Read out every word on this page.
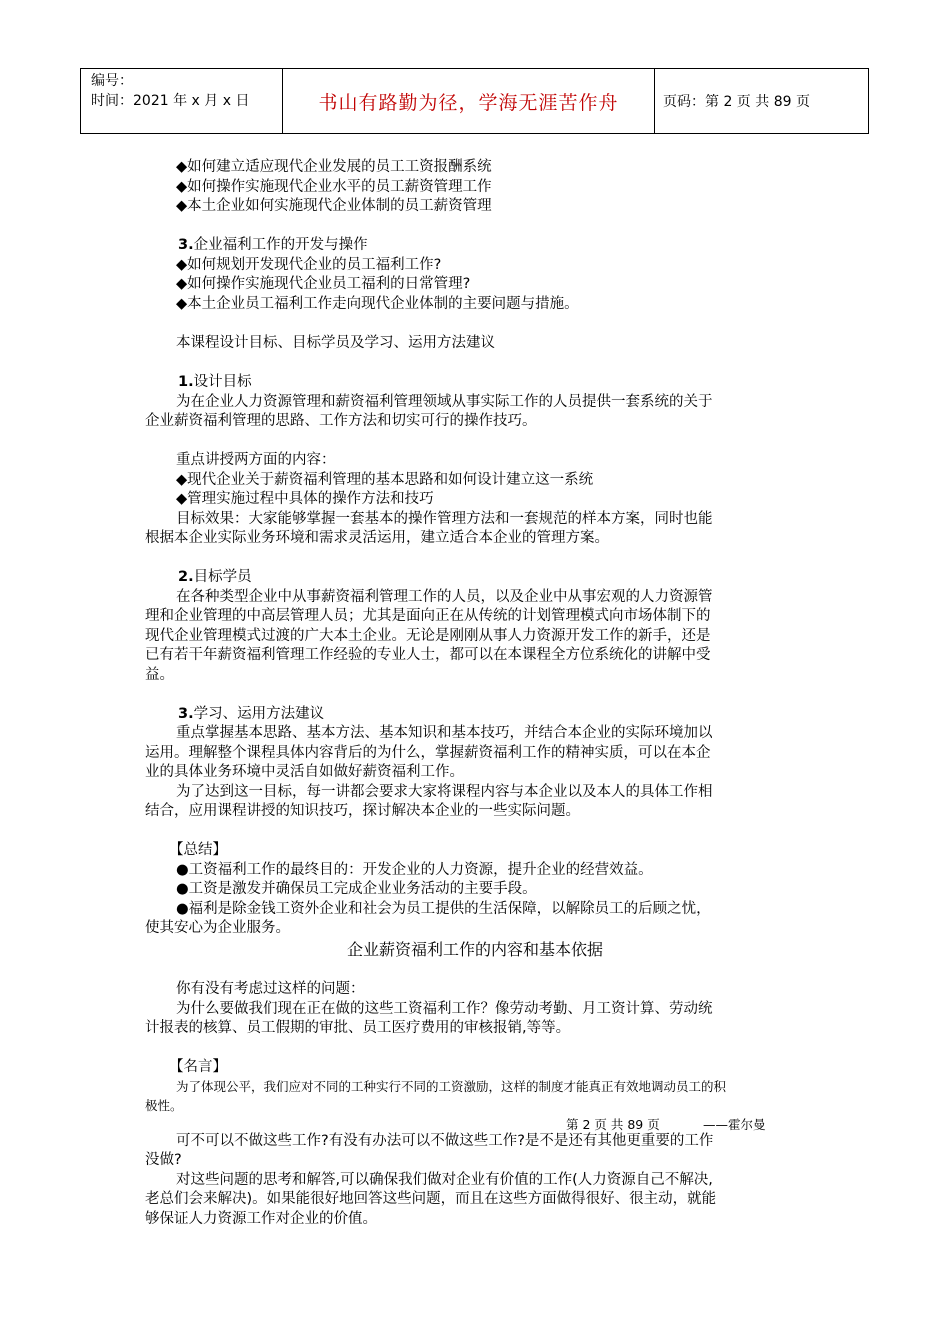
编号：
时间：2021 年 x 月 x 日	书山有路勤为径，学海无涯苦作舟	页码：第 2 页 共 89 页
◆如何建立适应现代企业发展的员工工资报酬系统
◆如何操作实施现代企业水平的员工薪资管理工作
◆本土企业如何实施现代企业体制的员工薪资管理
3.企业福利工作的开发与操作
◆如何规划开发现代企业的员工福利工作?
◆如何操作实施现代企业员工福利的日常管理?
◆本土企业员工福利工作走向现代企业体制的主要问题与措施。
本课程设计目标、目标学员及学习、运用方法建议
1.设计目标
为在企业人力资源管理和薪资福利管理领域从事实际工作的人员提供一套系统的关于
企业薪资福利管理的思路、工作方法和切实可行的操作技巧。
重点讲授两方面的内容：
◆现代企业关于薪资福利管理的基本思路和如何设计建立这一系统
◆管理实施过程中具体的操作方法和技巧
目标效果：大家能够掌握一套基本的操作管理方法和一套规范的样本方案，同时也能
根据本企业实际业务环境和需求灵活运用，建立适合本企业的管理方案。
2.目标学员
在各种类型企业中从事薪资福利管理工作的人员，以及企业中从事宏观的人力资源管
理和企业管理的中高层管理人员；尤其是面向正在从传统的计划管理模式向市场体制下的
现代企业管理模式过渡的广大本土企业。无论是刚刚从事人力资源开发工作的新手，还是
已有若干年薪资福利管理工作经验的专业人士，都可以在本课程全方位系统化的讲解中受
益。
3.学习、运用方法建议
重点掌握基本思路、基本方法、基本知识和基本技巧，并结合本企业的实际环境加以
运用。理解整个课程具体内容背后的为什么，掌握薪资福利工作的精神实质，可以在本企
业的具体业务环境中灵活自如做好薪资福利工作。
为了达到这一目标，每一讲都会要求大家将课程内容与本企业以及本人的具体工作相
结合，应用课程讲授的知识技巧，探讨解决本企业的一些实际问题。
【总结】
●工资福利工作的最终目的：开发企业的人力资源，提升企业的经营效益。
●工资是激发并确保员工完成企业业务活动的主要手段。
●福利是除金钱工资外企业和社会为员工提供的生活保障，以解除员工的后顾之忧，
使其安心为企业服务。
企业薪资福利工作的内容和基本依据
你有没有考虑过这样的问题：
为什么要做我们现在正在做的这些工资福利工作？像劳动考勤、月工资计算、劳动统
计报表的核算、员工假期的审批、员工医疗费用的审核报销,等等。
【名言】
为了体现公平，我们应对不同的工种实行不同的工资激励，这样的制度才能真正有效地调动员工的积
极性。
第 2 页 共 89 页	——霍尔曼
可不可以不做这些工作?有没有办法可以不做这些工作?是不是还有其他更重要的工作
没做?
对这些问题的思考和解答,可以确保我们做对企业有价值的工作(人力资源自己不解决,
老总们会来解决)。如果能很好地回答这些问题，而且在这些方面做得很好、很主动，就能
够保证人力资源工作对企业的价值。
